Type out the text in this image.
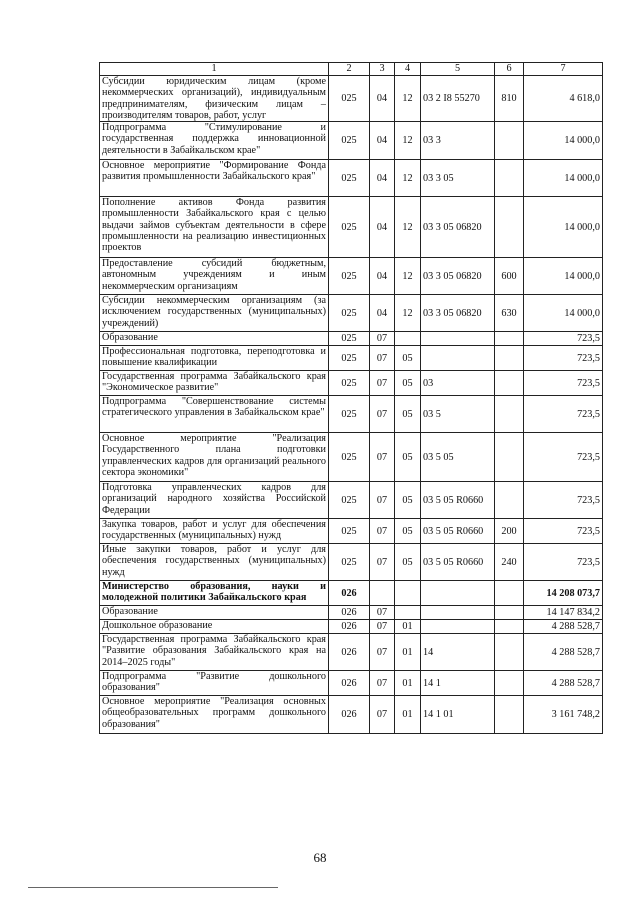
1	2	3	4	5	6	7
Субсидии юридическим лицам (кроме некоммерческих организаций), индивидуальным предпринимателям, физическим лицам – производителям товаров, работ, услуг	025	04	12	03 2 I8 55270	810	4 618,0
Подпрограмма "Стимулирование и государственная поддержка инновационной деятельности в Забайкальском крае"	025	04	12	03 3		14 000,0
Основное мероприятие "Формирование Фонда развития промышленности Забайкальского края"	025	04	12	03 3 05		14 000,0
Пополнение активов Фонда развития промышленности Забайкальского края с целью выдачи займов субъектам деятельности в сфере промышленности на реализацию инвестиционных проектов	025	04	12	03 3 05 06820		14 000,0
Предоставление субсидий бюджетным, автономным учреждениям и иным некоммерческим организациям	025	04	12	03 3 05 06820	600	14 000,0
Субсидии некоммерческим организациям (за исключением государственных (муниципальных) учреждений)	025	04	12	03 3 05 06820	630	14 000,0
Образование	025	07				723,5
Профессиональная подготовка, переподготовка и повышение квалификации	025	07	05			723,5
Государственная программа Забайкальского края "Экономическое развитие"	025	07	05	03		723,5
Подпрограмма "Совершенствование системы стратегического управления в Забайкальском крае"	025	07	05	03 5		723,5
Основное мероприятие "Реализация Государственного плана подготовки управленческих кадров для организаций реального сектора экономики"	025	07	05	03 5 05		723,5
Подготовка управленческих кадров для организаций народного хозяйства Российской Федерации	025	07	05	03 5 05 R0660		723,5
Закупка товаров, работ и услуг для обеспечения государственных (муниципальных) нужд	025	07	05	03 5 05 R0660	200	723,5
Иные закупки товаров, работ и услуг для обеспечения государственных (муниципальных) нужд	025	07	05	03 5 05 R0660	240	723,5
Министерство образования, науки и молодежной политики Забайкальского края	026					14 208 073,7
Образование	026	07				14 147 834,2
Дошкольное образование	026	07	01			4 288 528,7
Государственная программа Забайкальского края "Развитие образования Забайкальского края на 2014–2025 годы"	026	07	01	14		4 288 528,7
Подпрограмма "Развитие дошкольного образования"	026	07	01	14 1		4 288 528,7
Основное мероприятие "Реализация основных общеобразовательных программ дошкольного образования"	026	07	01	14 1 01		3 161 748,2
68
